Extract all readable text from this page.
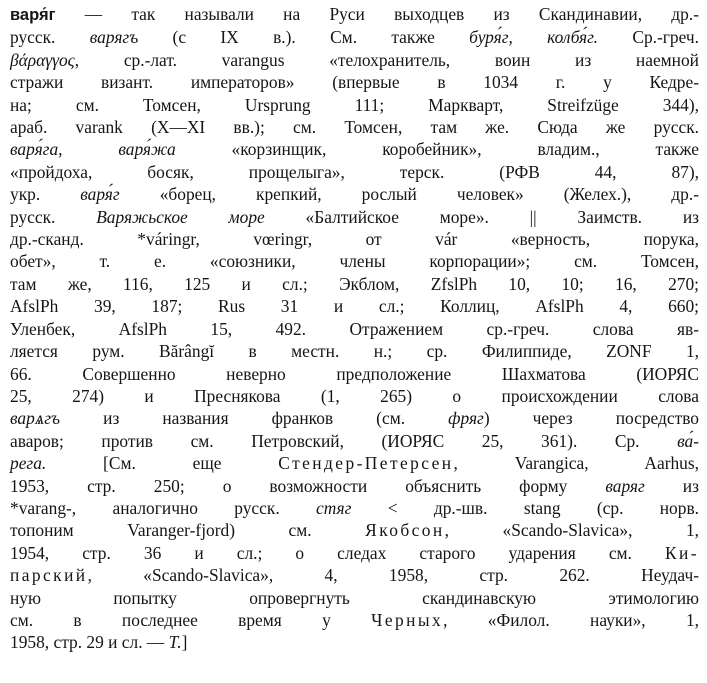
варя́г — так называли на Руси выходцев из Скандинавии, др.-
русск. варягъ (с IX в.). См. также буря́г, колбя́г. Ср.-греч.
βάραγγος, ср.-лат. varangus «телохранитель, воин из наемной
стражи визант. императоров» (впервые в 1034 г. у Кедре-
на; см. Томсен, Ursprung 111; Маркварт, Streifzüge 344),
араб. varank (X—XI вв.); см. Томсен, там же. Сюда же русск.
варя́га, варя́жа «корзинщик, коробейник», владим., также
«пройдоха, босяк, прощелыга», терск. (РФВ 44, 87),
укр. варя́г «борец, крепкий, рослый человек» (Желех.), др.-
русск. Варяжьское море «Балтийское море». || Заимств. из
др.-сканд. *váringr, vœringr, от vár «верность, порука,
обет», т. е. «союзники, члены корпорации»; см. Томсен,
там же, 116, 125 и сл.; Экблом, ZfslPh 10, 10; 16, 270;
AfslPh 39, 187; Rus 31 и сл.; Коллиц, AfslPh 4, 660;
Уленбек, AfslPh 15, 492. Отражением ср.-греч. слова яв-
ляется рум. Bărângĭ в местн. н.; ср. Филиппиде, ZONF 1,
66. Совершенно неверно предположение Шахматова (ИОРЯС
25, 274) и Преснякова (1, 265) о происхождении слова
варѧгъ из названия франков (см. фряг) через посредство
аваров; против см. Петровский, (ИОРЯС 25, 361). Ср. ва́-
рега. [См. еще Стендер-Петерсен, Varangica, Aarhus,
1953, стр. 250; о возможности объяснить форму варяг из
*varang-, аналогично русск. стяг < др.-шв. stang (ср. норв.
топоним Varanger-fjord) см. Якобсон, «Scando-Slavica», 1,
1954, стр. 36 и сл.; о следах старого ударения см. Ки-
парский, «Scando-Slavica», 4, 1958, стр. 262. Неудач-
ную попытку опровергнуть скандинавскую этимологию
см. в последнее время у Черных, «Филол. науки», 1,
1958, стр. 29 и сл. — Т.]
